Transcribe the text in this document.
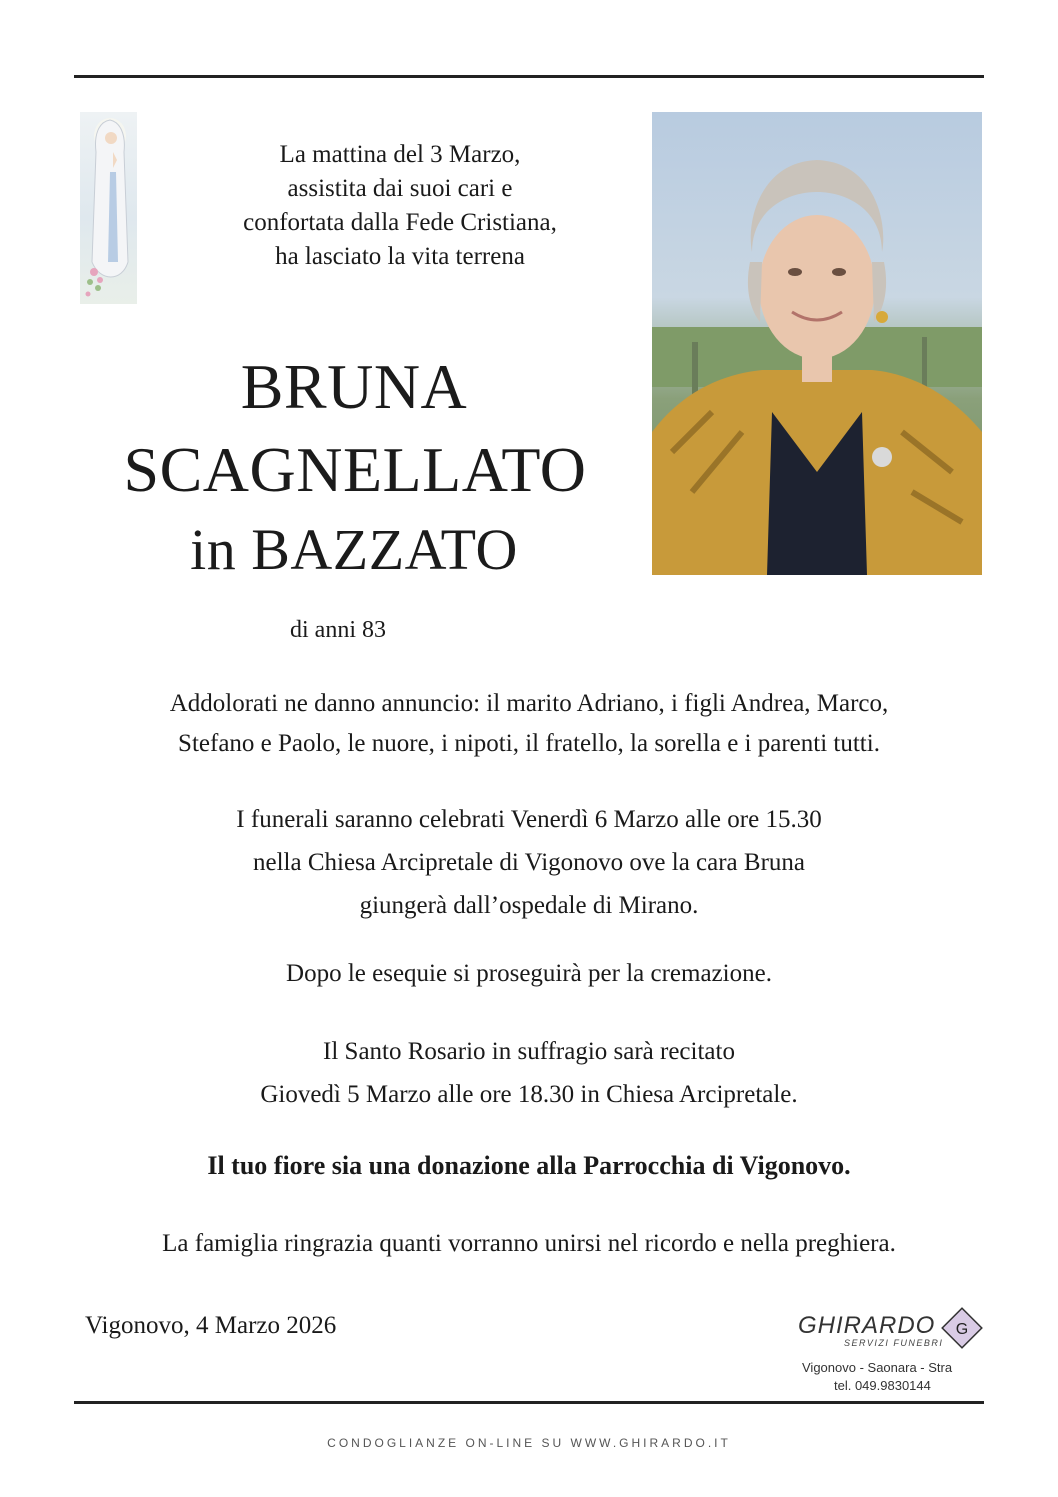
La mattina del 3 Marzo,
assistita dai suoi cari e
confortata dalla Fede Cristiana,
ha lasciato la vita terrena
BRUNA
SCAGNELLATO
in BAZZATO
di anni 83
Addolorati ne danno annuncio: il marito Adriano, i figli Andrea, Marco,
Stefano e Paolo, le nuore, i nipoti, il fratello, la sorella e i parenti tutti.
I funerali saranno celebrati Venerdì 6 Marzo alle ore 15.30
nella Chiesa Arcipretale di Vigonovo ove la cara Bruna
giungerà dall’ospedale di Mirano.
Dopo le esequie si proseguirà per la cremazione.
Il Santo Rosario in suffragio sarà recitato
Giovedì 5 Marzo alle ore 18.30 in Chiesa Arcipretale.
Il tuo fiore sia una donazione alla Parrocchia di Vigonovo.
La famiglia ringrazia quanti vorranno unirsi nel ricordo e nella preghiera.
Vigonovo, 4 Marzo 2026	GHIRARDO
SERVIZI FUNEBRI
G
Vigonovo - Saonara - Stra
tel. 049.9830144
CONDOGLIANZE ON-LINE SU WWW.GHIRARDO.IT
